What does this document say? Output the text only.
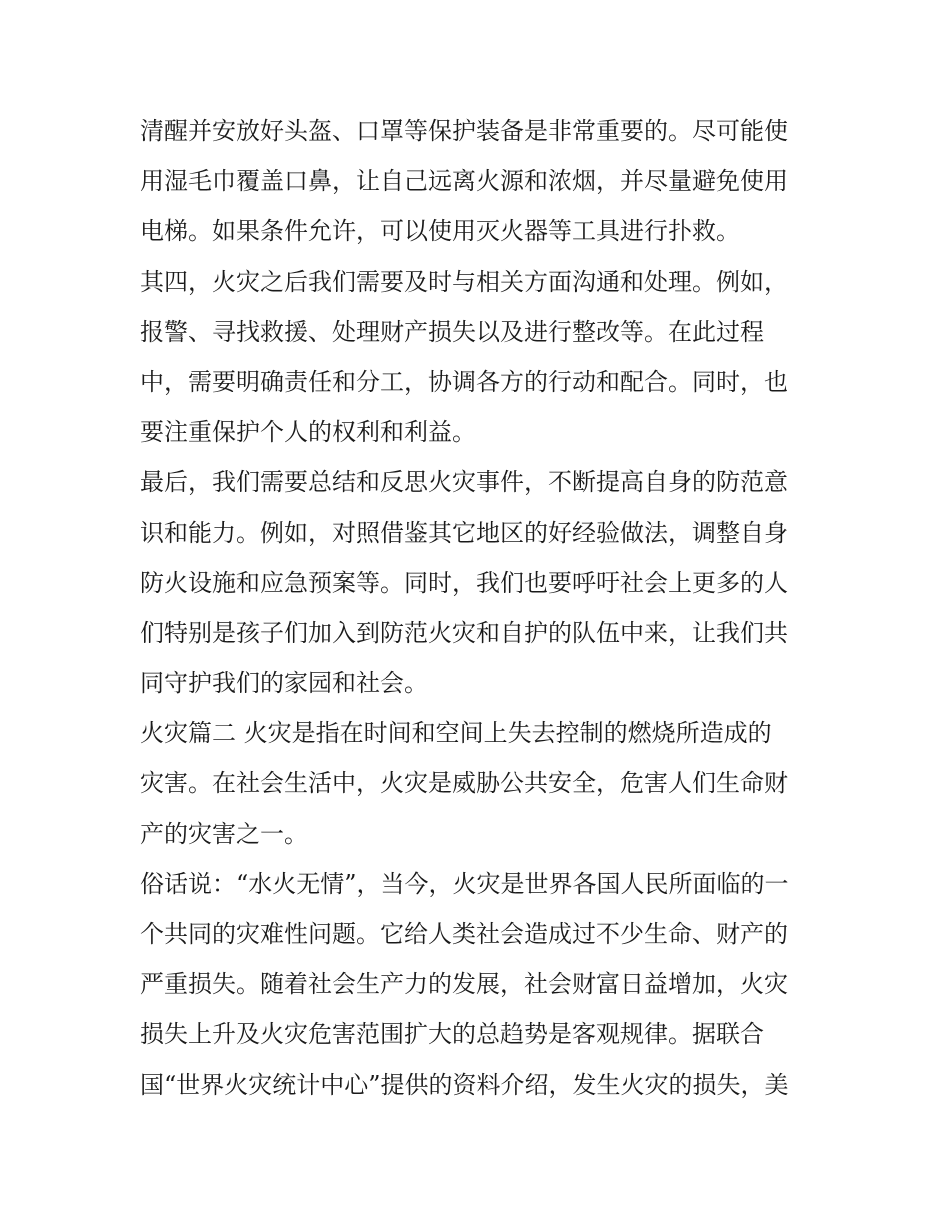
清醒并安放好头盔、口罩等保护装备是非常重要的。尽可能使
用湿毛巾覆盖口鼻，让自己远离火源和浓烟，并尽量避免使用
电梯。如果条件允许，可以使用灭火器等工具进行扑救。
其四，火灾之后我们需要及时与相关方面沟通和处理。例如，
报警、寻找救援、处理财产损失以及进行整改等。在此过程
中，需要明确责任和分工，协调各方的行动和配合。同时，也
要注重保护个人的权利和利益。
最后，我们需要总结和反思火灾事件，不断提高自身的防范意
识和能力。例如，对照借鉴其它地区的好经验做法，调整自身
防火设施和应急预案等。同时，我们也要呼吁社会上更多的人
们特别是孩子们加入到防范火灾和自护的队伍中来，让我们共
同守护我们的家园和社会。
火灾篇二 火灾是指在时间和空间上失去控制的燃烧所造成的
灾害。在社会生活中，火灾是威胁公共安全，危害人们生命财
产的灾害之一。
俗话说：“水火无情”，当今，火灾是世界各国人民所面临的一
个共同的灾难性问题。它给人类社会造成过不少生命、财产的
严重损失。随着社会生产力的发展，社会财富日益增加，火灾
损失上升及火灾危害范围扩大的总趋势是客观规律。据联合
国“世界火灾统计中心”提供的资料介绍，发生火灾的损失，美
